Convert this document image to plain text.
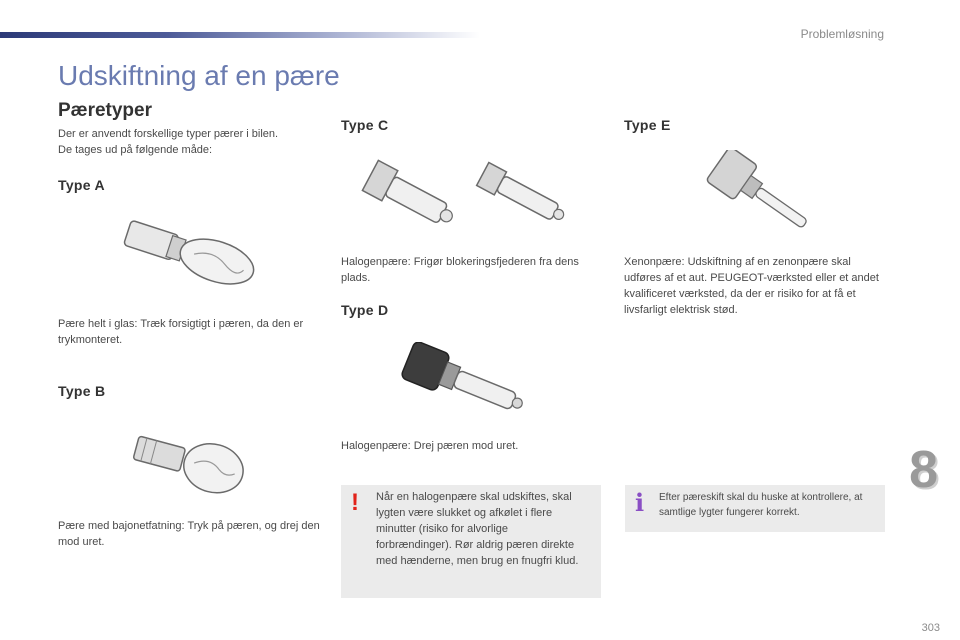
Problemløsning
Udskiftning af en pære
Pæretyper
Der er anvendt forskellige typer pærer i bilen.
De tages ud på følgende måde:
Type A
Pære helt i glas: Træk forsigtigt i pæren, da den er trykmonteret.
Type B
Pære med bajonetfatning: Tryk på pæren, og drej den mod uret.
Type C
Halogenpære: Frigør blokeringsfjederen fra dens plads.
Type D
Halogenpære: Drej pæren mod uret.
Type E
Xenonpære: Udskiftning af en zenonpære skal udføres af et aut. PEUGEOT-værksted eller et andet kvalificeret værksted, da der er risiko for at få et livsfarligt elektrisk stød.
! Når en halogenpære skal udskiftes, skal lygten være slukket og afkølet i flere minutter (risiko for alvorlige forbrændinger). Rør aldrig pæren direkte med hænderne, men brug en fnugfri klud.
i Efter pæreskift skal du huske at kontrollere, at samtlige lygter fungerer korrekt.
8
303
